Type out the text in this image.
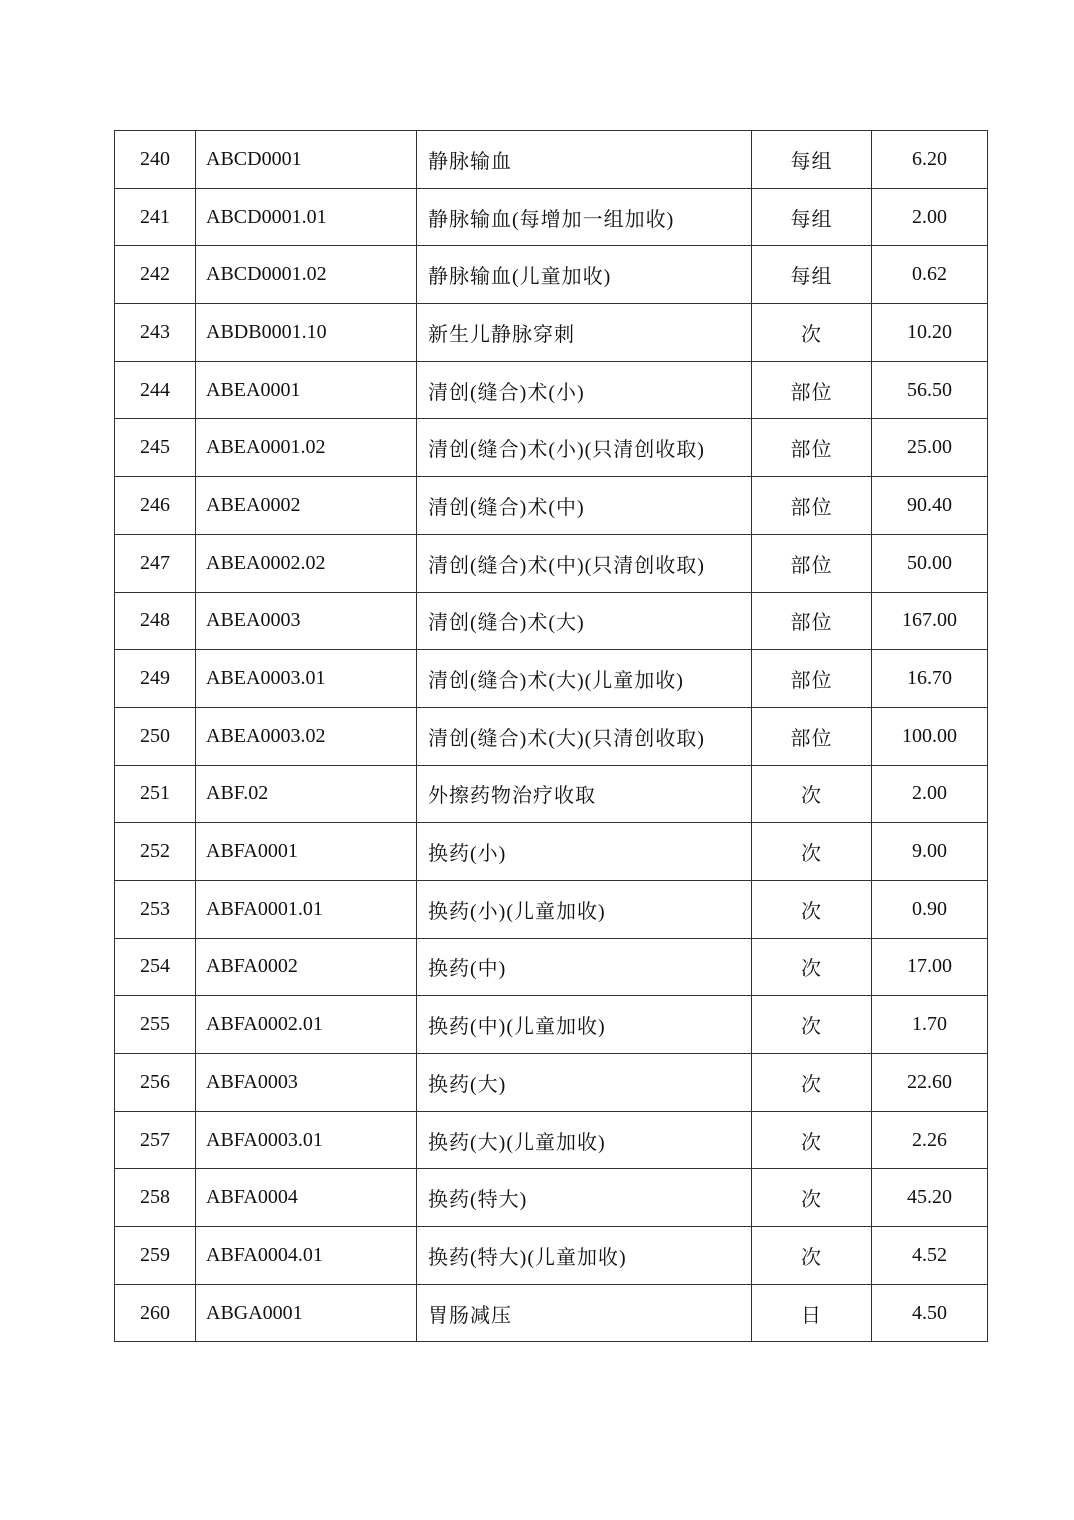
240	ABCD0001	静脉输血	每组	6.20
241	ABCD0001.01	静脉输血(每增加一组加收)	每组	2.00
242	ABCD0001.02	静脉输血(儿童加收)	每组	0.62
243	ABDB0001.10	新生儿静脉穿刺	次	10.20
244	ABEA0001	清创(缝合)术(小)	部位	56.50
245	ABEA0001.02	清创(缝合)术(小)(只清创收取)	部位	25.00
246	ABEA0002	清创(缝合)术(中)	部位	90.40
247	ABEA0002.02	清创(缝合)术(中)(只清创收取)	部位	50.00
248	ABEA0003	清创(缝合)术(大)	部位	167.00
249	ABEA0003.01	清创(缝合)术(大)(儿童加收)	部位	16.70
250	ABEA0003.02	清创(缝合)术(大)(只清创收取)	部位	100.00
251	ABF.02	外擦药物治疗收取	次	2.00
252	ABFA0001	换药(小)	次	9.00
253	ABFA0001.01	换药(小)(儿童加收)	次	0.90
254	ABFA0002	换药(中)	次	17.00
255	ABFA0002.01	换药(中)(儿童加收)	次	1.70
256	ABFA0003	换药(大)	次	22.60
257	ABFA0003.01	换药(大)(儿童加收)	次	2.26
258	ABFA0004	换药(特大)	次	45.20
259	ABFA0004.01	换药(特大)(儿童加收)	次	4.52
260	ABGA0001	胃肠减压	日	4.50
